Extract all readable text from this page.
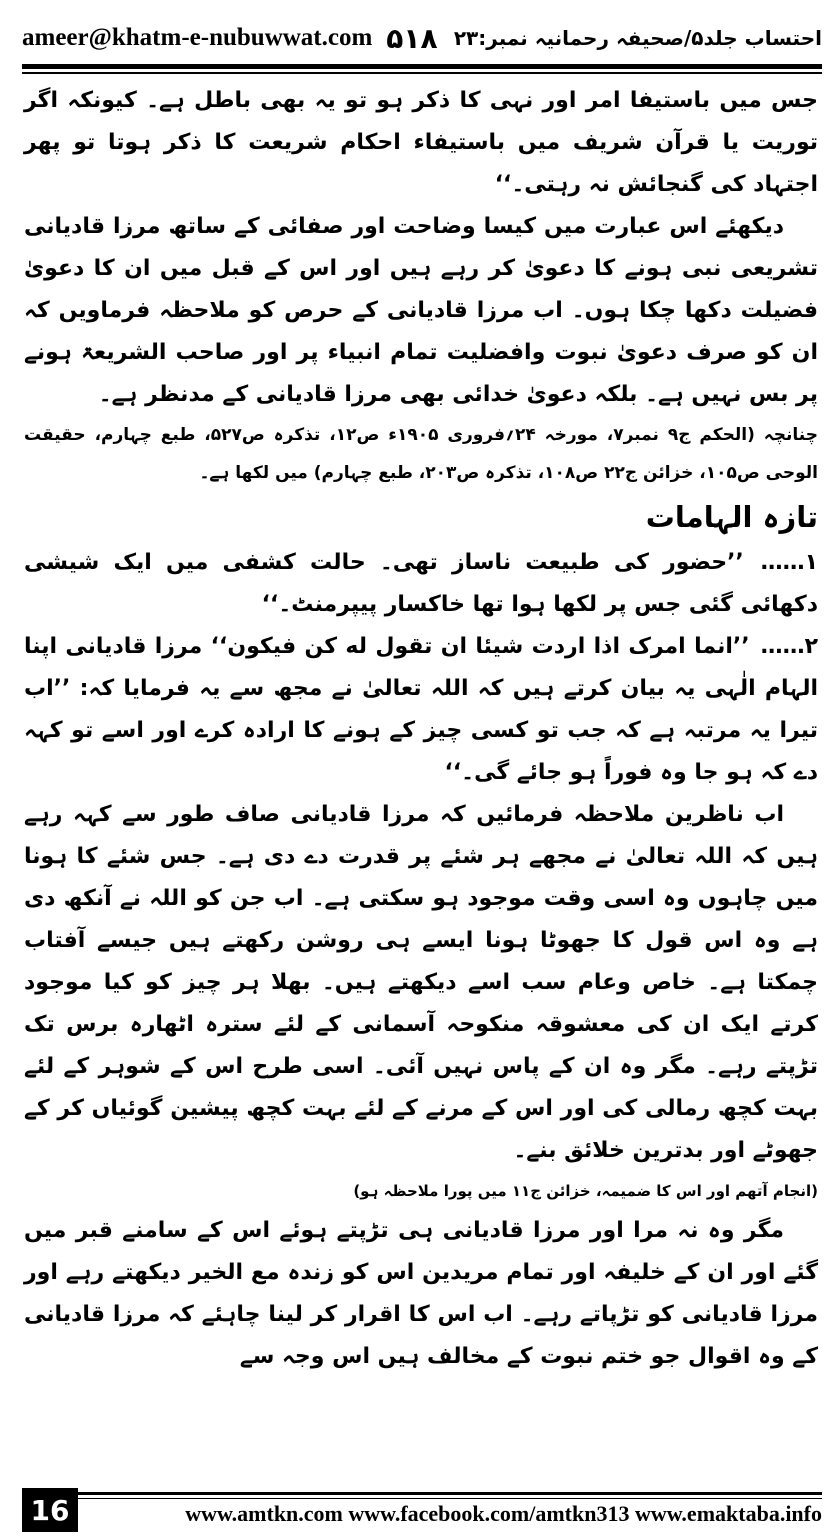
ameer@khatm-e-nubuwwat.com ۵۱۸ احتساب جلد۵/صحیفہ رحمانیہ نمبر:۲۳

جس میں باستیفا امر اور نہی کا ذکر ہو تو یہ بھی باطل ہے۔ کیونکہ اگر توریت یا قرآن شریف میں باستیفاء احکام شریعت کا ذکر ہوتا تو پھر اجتہاد کی گنجائش نہ رہتی۔‘‘

دیکھئے اس عبارت میں کیسا وضاحت اور صفائی کے ساتھ مرزا قادیانی تشریعی نبی ہونے کا دعویٰ کر رہے ہیں اور اس کے قبل میں ان کا دعویٰ فضیلت دکھا چکا ہوں۔ اب مرزا قادیانی کے حرص کو ملاحظہ فرماویں کہ ان کو صرف دعویٰ نبوت وافضلیت تمام انبیاء پر اور صاحب الشریعۃ ہونے پر بس نہیں ہے۔ بلکہ دعویٰ خدائی بھی مرزا قادیانی کے مدنظر ہے۔

چنانچہ (الحکم ج۹ نمبر۷، مورخہ ۲۴؍فروری ۱۹۰۵ء ص۱۲، تذکرہ ص۵۲۷، طبع چہارم، حقیقت الوحی ص۱۰۵، خزائن ج۲۲ ص۱۰۸، تذکرہ ص۲۰۳، طبع چہارم) میں لکھا ہے۔

تازہ الہامات

۱…… ’’حضور کی طبیعت ناساز تھی۔ حالت کشفی میں ایک شیشی دکھائی گئی جس پر لکھا ہوا تھا خاکسار پیپرمنٹ۔‘‘

۲…… ’’انما امرک اذا اردت شیئا ان تقول له کن فیکون‘‘ مرزا قادیانی اپنا الہام الٰہی یہ بیان کرتے ہیں کہ اللہ تعالیٰ نے مجھ سے یہ فرمایا کہ: ’’اب تیرا یہ مرتبہ ہے کہ جب تو کسی چیز کے ہونے کا ارادہ کرے اور اسے تو کہہ دے کہ ہو جا وہ فوراً ہو جائے گی۔‘‘

اب ناظرین ملاحظہ فرمائیں کہ مرزا قادیانی صاف طور سے کہہ رہے ہیں کہ اللہ تعالیٰ نے مجھے ہر شئے پر قدرت دے دی ہے۔ جس شئے کا ہونا میں چاہوں وہ اسی وقت موجود ہو سکتی ہے۔ اب جن کو اللہ نے آنکھ دی ہے وہ اس قول کا جھوٹا ہونا ایسے ہی روشن رکھتے ہیں جیسے آفتاب چمکتا ہے۔ خاص وعام سب اسے دیکھتے ہیں۔ بھلا ہر چیز کو کیا موجود کرتے ایک ان کی معشوقہ منکوحہ آسمانی کے لئے سترہ اٹھارہ برس تک تڑپتے رہے۔ مگر وہ ان کے پاس نہیں آئی۔ اسی طرح اس کے شوہر کے لئے بہت کچھ رمالی کی اور اس کے مرنے کے لئے بہت کچھ پیشین گوئیاں کر کے جھوٹے اور بدترین خلائق بنے۔

(انجام آتھم اور اس کا ضمیمہ، خزائن ج۱۱ میں پورا ملاحظہ ہو)

مگر وہ نہ مرا اور مرزا قادیانی ہی تڑپتے ہوئے اس کے سامنے قبر میں گئے اور ان کے خلیفہ اور تمام مریدین اس کو زندہ مع الخیر دیکھتے رہے اور مرزا قادیانی کو تڑپاتے رہے۔ اب اس کا اقرار کر لینا چاہئے کہ مرزا قادیانی کے وہ اقوال جو ختم نبوت کے مخالف ہیں اس وجہ سے

16	www.amtkn.com www.facebook.com/amtkn313 www.emaktaba.info
